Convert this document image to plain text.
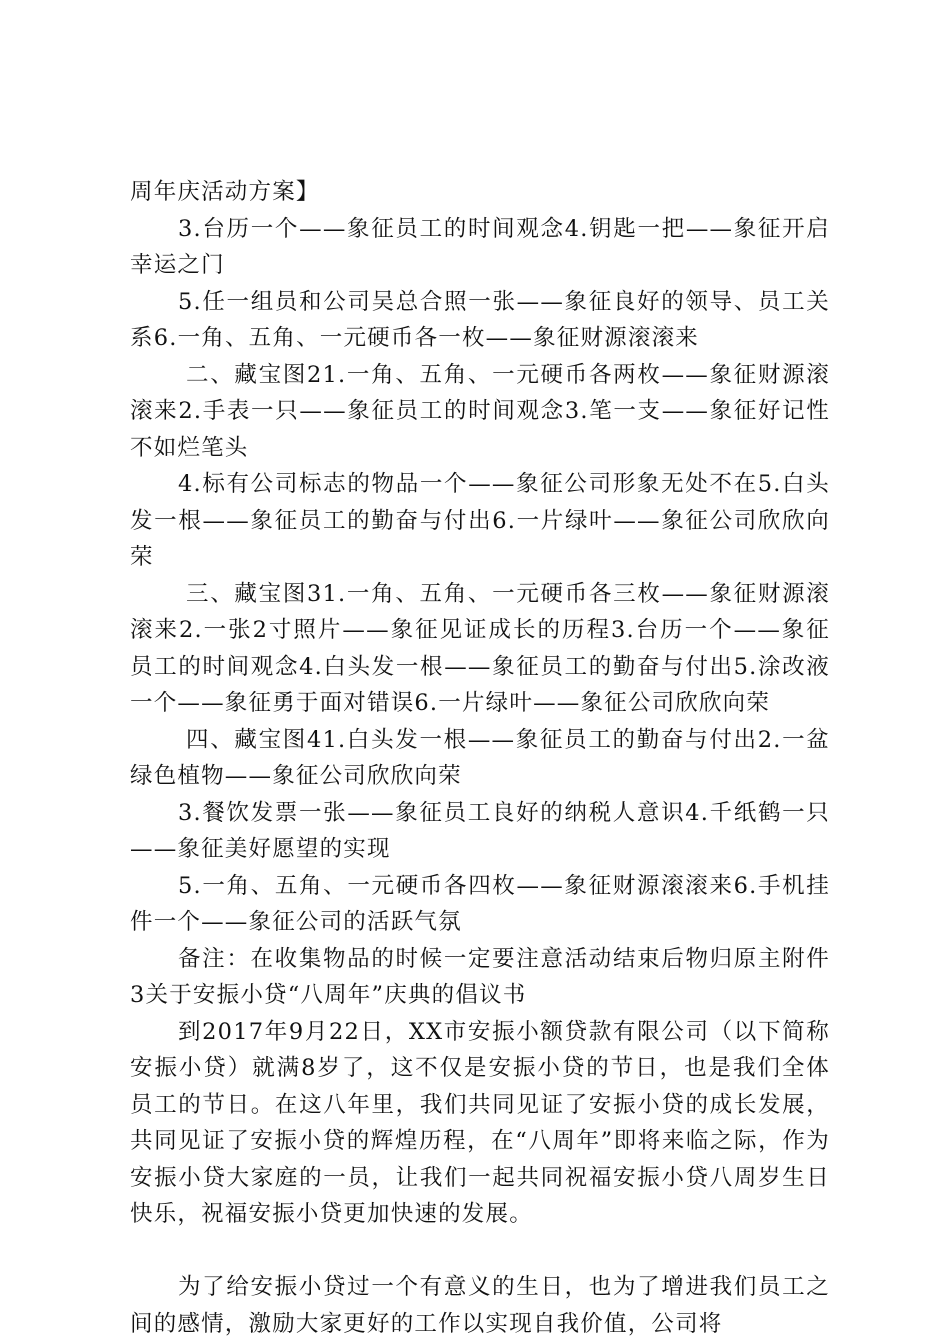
周年庆活动方案】

3.台历一个——象征员工的时间观念4.钥匙一把——象征开启幸运之门

5.任一组员和公司吴总合照一张——象征良好的领导、员工关系6.一角、五角、一元硬币各一枚——象征财源滚滚来

二、藏宝图21.一角、五角、一元硬币各两枚——象征财源滚滚来2.手表一只——象征员工的时间观念3.笔一支——象征好记性不如烂笔头

4.标有公司标志的物品一个——象征公司形象无处不在5.白头发一根——象征员工的勤奋与付出6.一片绿叶——象征公司欣欣向荣

三、藏宝图31.一角、五角、一元硬币各三枚——象征财源滚滚来2.一张2寸照片——象征见证成长的历程3.台历一个——象征员工的时间观念4.白头发一根——象征员工的勤奋与付出5.涂改液一个——象征勇于面对错误6.一片绿叶——象征公司欣欣向荣

四、藏宝图41.白头发一根——象征员工的勤奋与付出2.一盆绿色植物——象征公司欣欣向荣

3.餐饮发票一张——象征员工良好的纳税人意识4.千纸鹤一只——象征美好愿望的实现

5.一角、五角、一元硬币各四枚——象征财源滚滚来6.手机挂件一个——象征公司的活跃气氛

备注：在收集物品的时候一定要注意活动结束后物归原主附件3关于安振小贷“八周年”庆典的倡议书

到2017年9月22日，XX市安振小额贷款有限公司（以下简称安振小贷）就满8岁了，这不仅是安振小贷的节日，也是我们全体员工的节日。在这八年里，我们共同见证了安振小贷的成长发展，共同见证了安振小贷的辉煌历程，在“八周年”即将来临之际，作为安振小贷大家庭的一员，让我们一起共同祝福安振小贷八周岁生日快乐，祝福安振小贷更加快速的发展。

为了给安振小贷过一个有意义的生日，也为了增进我们员工之间的感情，激励大家更好的工作以实现自我价值，公司将
